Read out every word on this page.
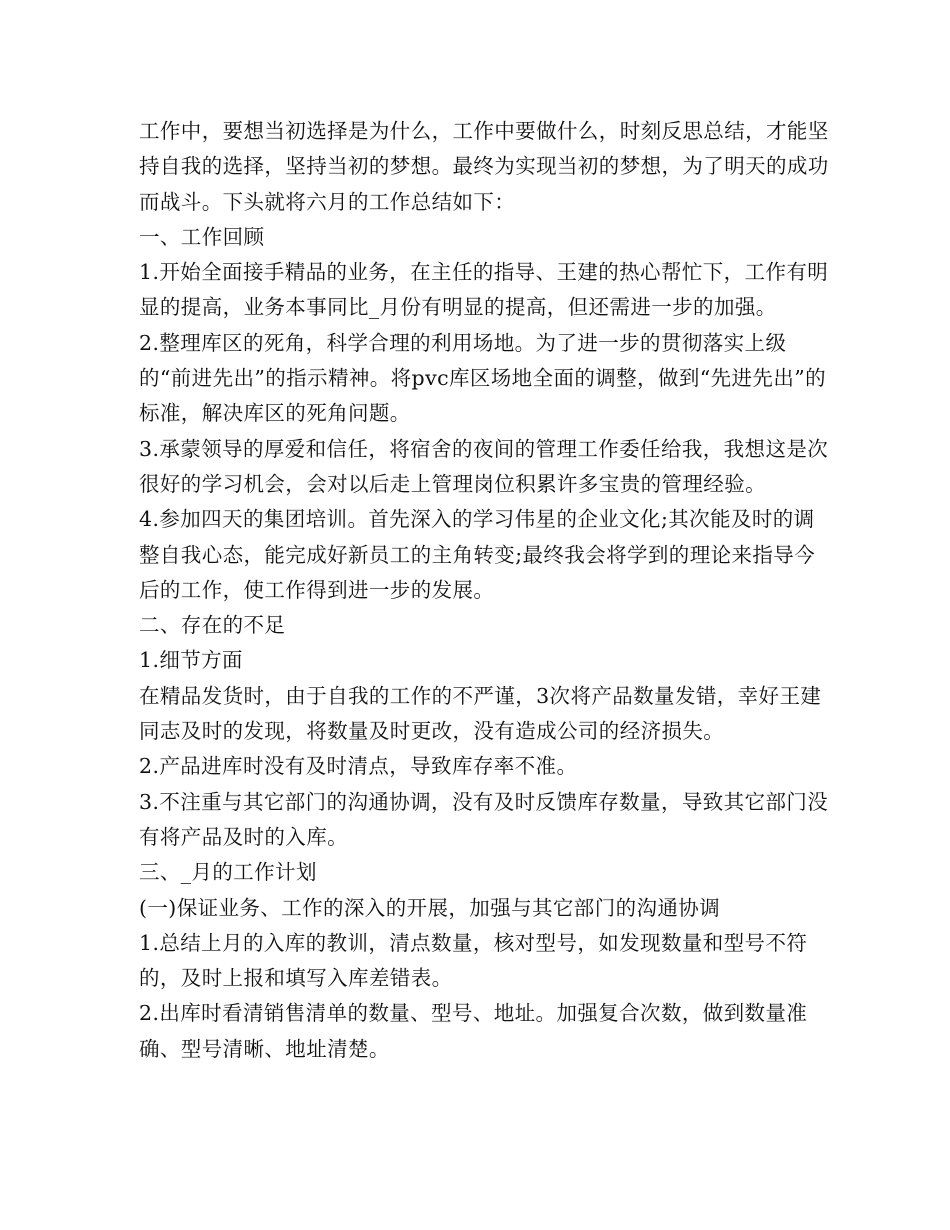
工作中，要想当初选择是为什么，工作中要做什么，时刻反思总结，才能坚持自我的选择，坚持当初的梦想。最终为实现当初的梦想，为了明天的成功而战斗。下头就将六月的工作总结如下：

一、工作回顾

1.开始全面接手精品的业务，在主任的指导、王建的热心帮忙下，工作有明显的提高，业务本事同比_月份有明显的提高，但还需进一步的加强。

2.整理库区的死角，科学合理的利用场地。为了进一步的贯彻落实上级的“前进先出”的指示精神。将pvc库区场地全面的调整，做到“先进先出”的标准，解决库区的死角问题。

3.承蒙领导的厚爱和信任，将宿舍的夜间的管理工作委任给我，我想这是次很好的学习机会，会对以后走上管理岗位积累许多宝贵的管理经验。

4.参加四天的集团培训。首先深入的学习伟星的企业文化;其次能及时的调整自我心态，能完成好新员工的主角转变;最终我会将学到的理论来指导今后的工作，使工作得到进一步的发展。

二、存在的不足

1.细节方面

在精品发货时，由于自我的工作的不严谨，3次将产品数量发错，幸好王建同志及时的发现，将数量及时更改，没有造成公司的经济损失。

2.产品进库时没有及时清点，导致库存率不准。

3.不注重与其它部门的沟通协调，没有及时反馈库存数量，导致其它部门没有将产品及时的入库。

三、_月的工作计划

(一)保证业务、工作的深入的开展，加强与其它部门的沟通协调

1.总结上月的入库的教训，清点数量，核对型号，如发现数量和型号不符的，及时上报和填写入库差错表。

2.出库时看清销售清单的数量、型号、地址。加强复合次数，做到数量准确、型号清晰、地址清楚。
